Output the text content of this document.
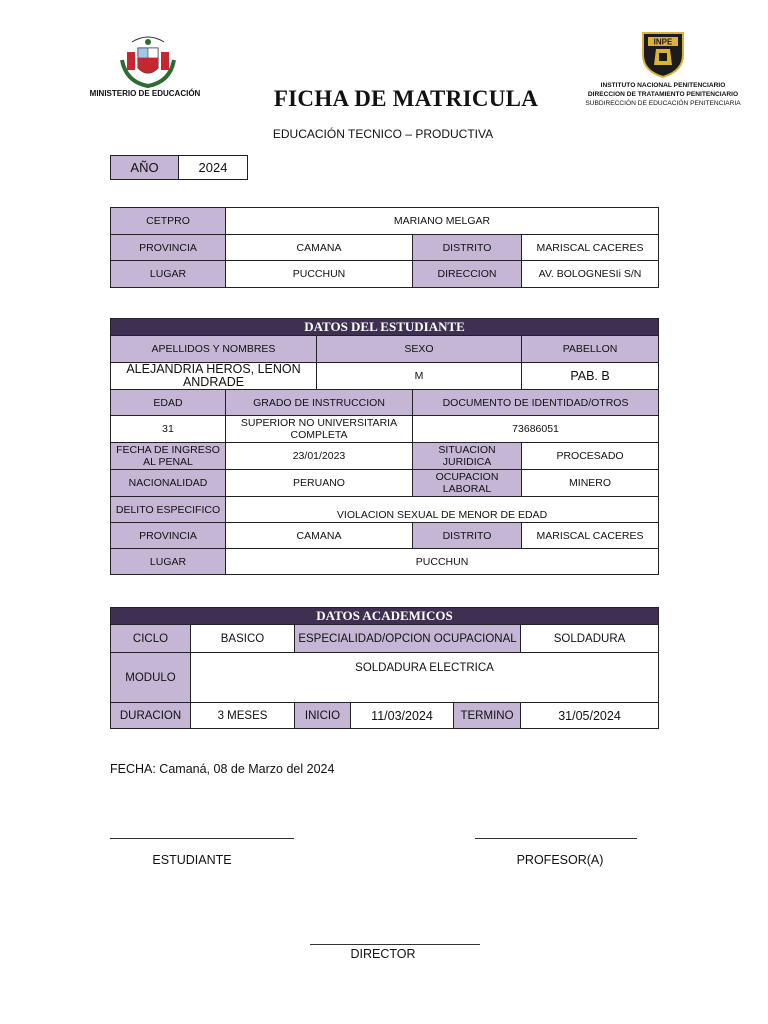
MINISTERIO DE EDUCACIÓN	FICHA DE MATRICULA
EDUCACIÓN TECNICO – PRODUCTIVA
INPE
INSTITUTO NACIONAL PENITENCIARIO
DIRECCION DE TRATAMIENTO PENITENCIARIO
SUBDIRECCIÓN DE EDUCACIÓN PENITENCIARIA
AÑO	2024
CETPRO	MARIANO MELGAR		
PROVINCIA	CAMANA	DISTRITO	MARISCAL CACERES
LUGAR	PUCCHUN	DIRECCION	AV. BOLOGNESIi S/N
DATOS DEL ESTUDIANTE				
APELLIDOS Y NOMBRES		SEXO		PABELLON
ALEJANDRIA HEROS, LENON ANDRADE		M		PAB. B
EDAD	GRADO DE INSTRUCCION		DOCUMENTO DE IDENTIDAD/OTROS	
31	SUPERIOR NO UNIVERSITARIA COMPLETA		73686051	
FECHA DE INGRESO AL PENAL	23/01/2023		SITUACION JURIDICA	PROCESADO
NACIONALIDAD	PERUANO		OCUPACION LABORAL	MINERO
DELITO ESPECIFICO	VIOLACION SEXUAL DE MENOR DE EDAD			
PROVINCIA	CAMANA		DISTRITO	MARISCAL CACERES
LUGAR	PUCCHUN			
DATOS ACADEMICOS					
CICLO	BASICO	ESPECIALIDAD/OPCION OCUPACIONAL			SOLDADURA
MODULO	SOLDADURA ELECTRICA				
DURACION	3 MESES	INICIO	11/03/2024	TERMINO	31/05/2024
FECHA: Camaná, 08 de Marzo del 2024
ESTUDIANTE	PROFESOR(A)
DIRECTOR
